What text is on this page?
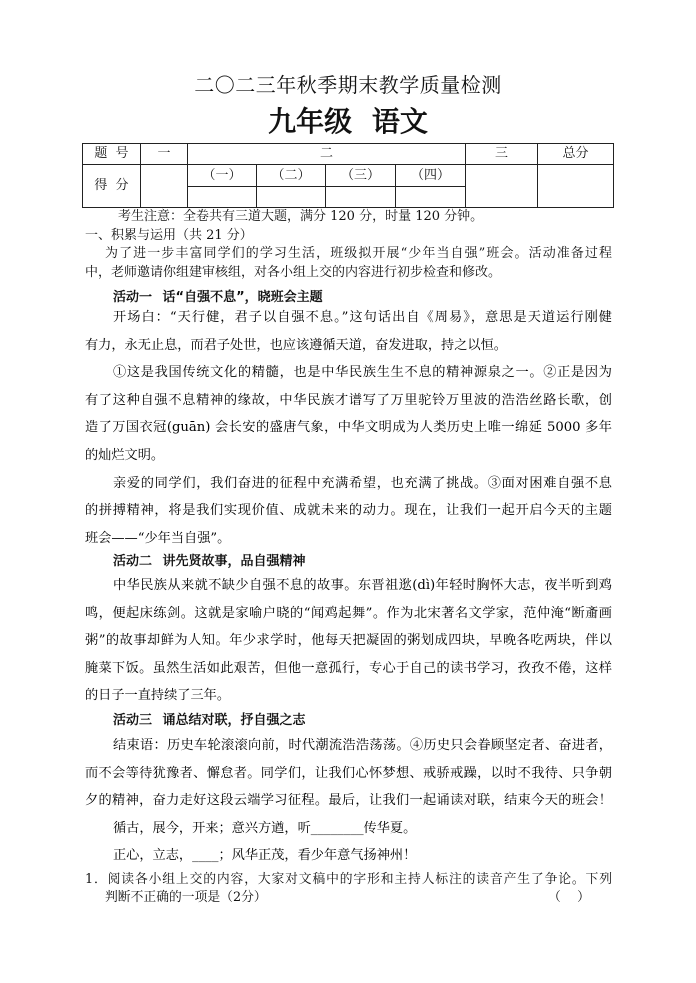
二〇二三年秋季期末教学质量检测
九年级 语文
题 号	一	二				三	总分
得 分		（一）	（二）	（三）	（四）		

考生注意：全卷共有三道大题，满分 120 分，时量 120 分钟。
一、积累与运用（共 21 分）
为了进一步丰富同学们的学习生活，班级拟开展“少年当自强”班会。活动准备过程
中，老师邀请你组建审核组，对各小组上交的内容进行初步检查和修改。
活动一 话“自强不息”，晓班会主题
开场白：“天行健，君子以自强不息。”这句话出自《周易》，意思是天道运行刚健
有力，永无止息，而君子处世，也应该遵循天道，奋发进取，持之以恒。
①这是我国传统文化的精髓，也是中华民族生生不息的精神源泉之一。②正是因为
有了这种自强不息精神的缘故，中华民族才谱写了万里驼铃万里波的浩浩丝路长歌，创
造了万国衣冠(guān) 会长安的盛唐气象，中华文明成为人类历史上唯一绵延 5000 多年
的灿烂文明。
亲爱的同学们，我们奋进的征程中充满希望，也充满了挑战。③面对困难自强不息
的拼搏精神，将是我们实现价值、成就未来的动力。现在，让我们一起开启今天的主题
班会——“少年当自强”。
活动二 讲先贤故事，品自强精神
中华民族从来就不缺少自强不息的故事。东晋祖逖(dì)年轻时胸怀大志，夜半听到鸡
鸣，便起床练剑。这就是家喻户晓的“闻鸡起舞”。作为北宋著名文学家，范仲淹“断齑画
粥”的故事却鲜为人知。年少求学时，他每天把凝固的粥划成四块，早晚各吃两块，伴以
腌菜下饭。虽然生活如此艰苦，但他一意孤行，专心于自己的读书学习，孜孜不倦，这样
的日子一直持续了三年。
活动三 诵总结对联，抒自强之志
结束语：历史车轮滚滚向前，时代潮流浩浩荡荡。④历史只会眷顾坚定者、奋进者，
而不会等待犹豫者、懈怠者。同学们，让我们心怀梦想、戒骄戒躁，以时不我待、只争朝
夕的精神，奋力走好这段云端学习征程。最后，让我们一起诵读对联，结束今天的班会！
循古，展今，开来；意兴方遒，听________传华夏。
正心，立志，____；风华正茂，看少年意气扬神州！
1．阅读各小组上交的内容，大家对文稿中的字形和主持人标注的读音产生了争论。下列
判断不正确的一项是（2分）	（    ）
